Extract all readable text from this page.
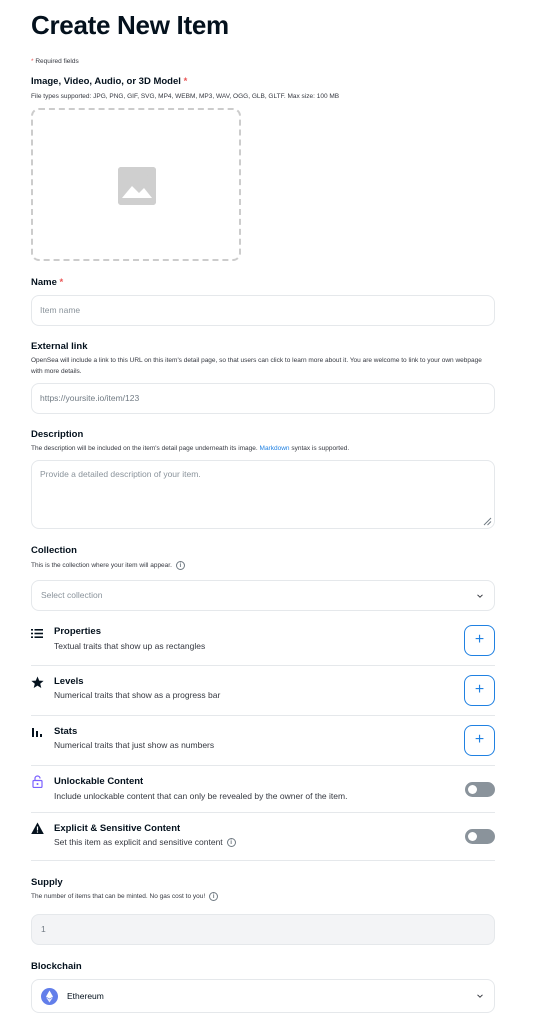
Create New Item
* Required fields
Image, Video, Audio, or 3D Model *
File types supported: JPG, PNG, GIF, SVG, MP4, WEBM, MP3, WAV, OGG, GLB, GLTF. Max size: 100 MB
Name *
Item name
External link
OpenSea will include a link to this URL on this item's detail page, so that users can click to learn more about it. You are welcome to link to your own webpage with more details.
https://yoursite.io/item/123
Description
The description will be included on the item's detail page underneath its image. Markdown syntax is supported.
Provide a detailed description of your item.
Collection
This is the collection where your item will appear. i
Select collection
Properties
Textual traits that show up as rectangles	+
Levels
Numerical traits that show as a progress bar	+
Stats
Numerical traits that just show as numbers	+
Unlockable Content
Include unlockable content that can only be revealed by the owner of the item.
Explicit & Sensitive Content
Set this item as explicit and sensitive content i
Supply
The number of items that can be minted. No gas cost to you! i
1
Blockchain
Ethereum
